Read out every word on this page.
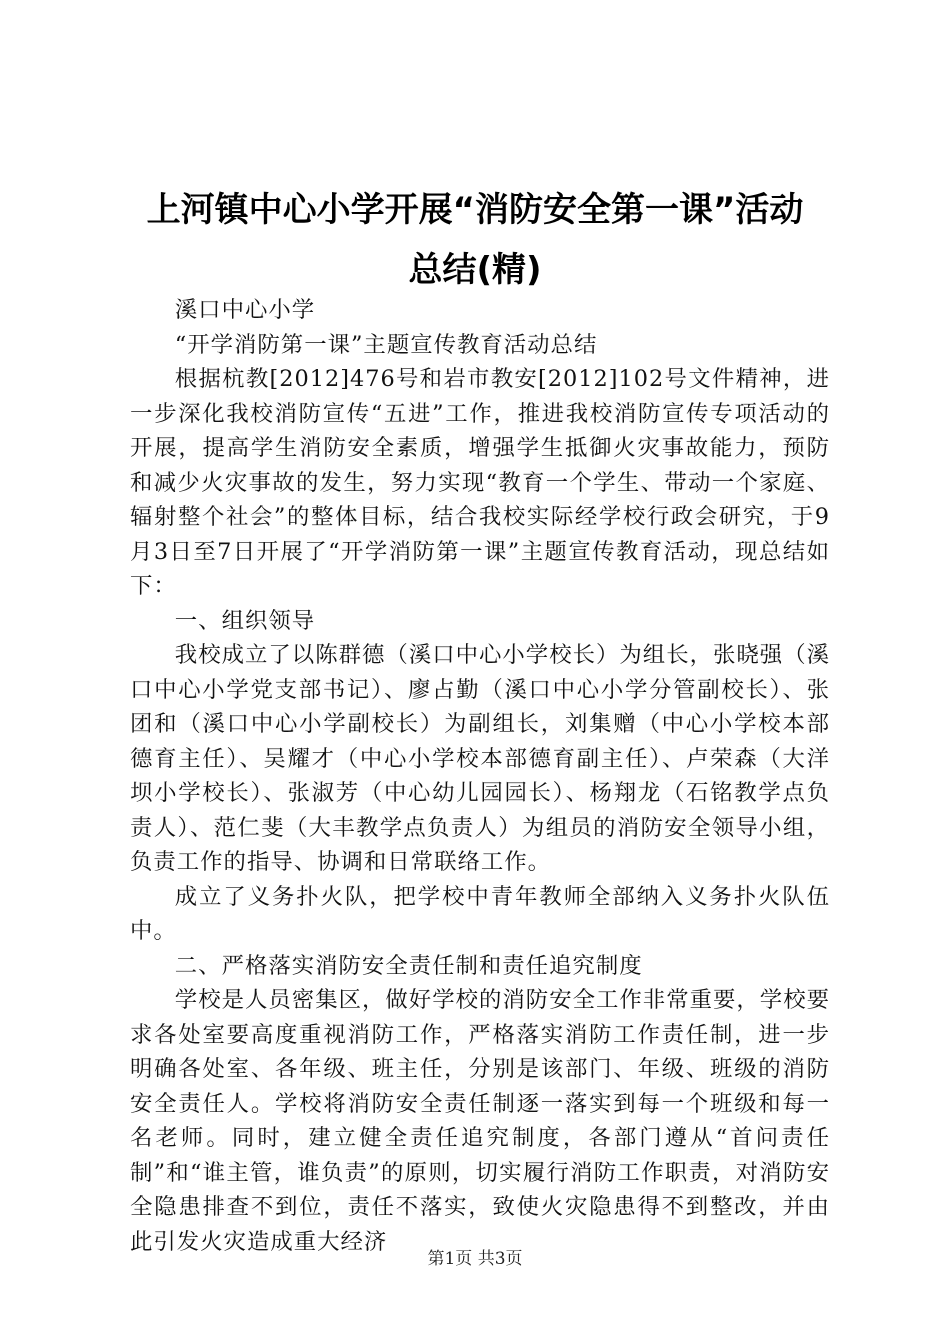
上河镇中心小学开展“消防安全第一课”活动
总结(精)

溪口中心小学

“开学消防第一课”主题宣传教育活动总结

根据杭教[2012]476号和岩市教安[2012]102号文件精神，进一步深化我校消防宣传“五进”工作，推进我校消防宣传专项活动的开展，提高学生消防安全素质，增强学生抵御火灾事故能力，预防和减少火灾事故的发生，努力实现“教育一个学生、带动一个家庭、辐射整个社会”的整体目标，结合我校实际经学校行政会研究，于9月3日至7日开展了“开学消防第一课”主题宣传教育活动，现总结如下：

一、组织领导

我校成立了以陈群德（溪口中心小学校长）为组长，张晓强（溪口中心小学党支部书记）、廖占勤（溪口中心小学分管副校长）、张团和（溪口中心小学副校长）为副组长，刘集赠（中心小学校本部德育主任）、吴耀才（中心小学校本部德育副主任）、卢荣森（大洋坝小学校长）、张淑芳（中心幼儿园园长）、杨翔龙（石铭教学点负责人）、范仁斐（大丰教学点负责人）为组员的消防安全领导小组，负责工作的指导、协调和日常联络工作。

成立了义务扑火队，把学校中青年教师全部纳入义务扑火队伍中。

二、严格落实消防安全责任制和责任追究制度

学校是人员密集区，做好学校的消防安全工作非常重要，学校要求各处室要高度重视消防工作，严格落实消防工作责任制，进一步明确各处室、各年级、班主任，分别是该部门、年级、班级的消防安全责任人。学校将消防安全责任制逐一落实到每一个班级和每一名老师。同时，建立健全责任追究制度，各部门遵从“首问责任制”和“谁主管，谁负责”的原则，切实履行消防工作职责，对消防安全隐患排查不到位，责任不落实，致使火灾隐患得不到整改，并由此引发火灾造成重大经济

第1页 共3页
